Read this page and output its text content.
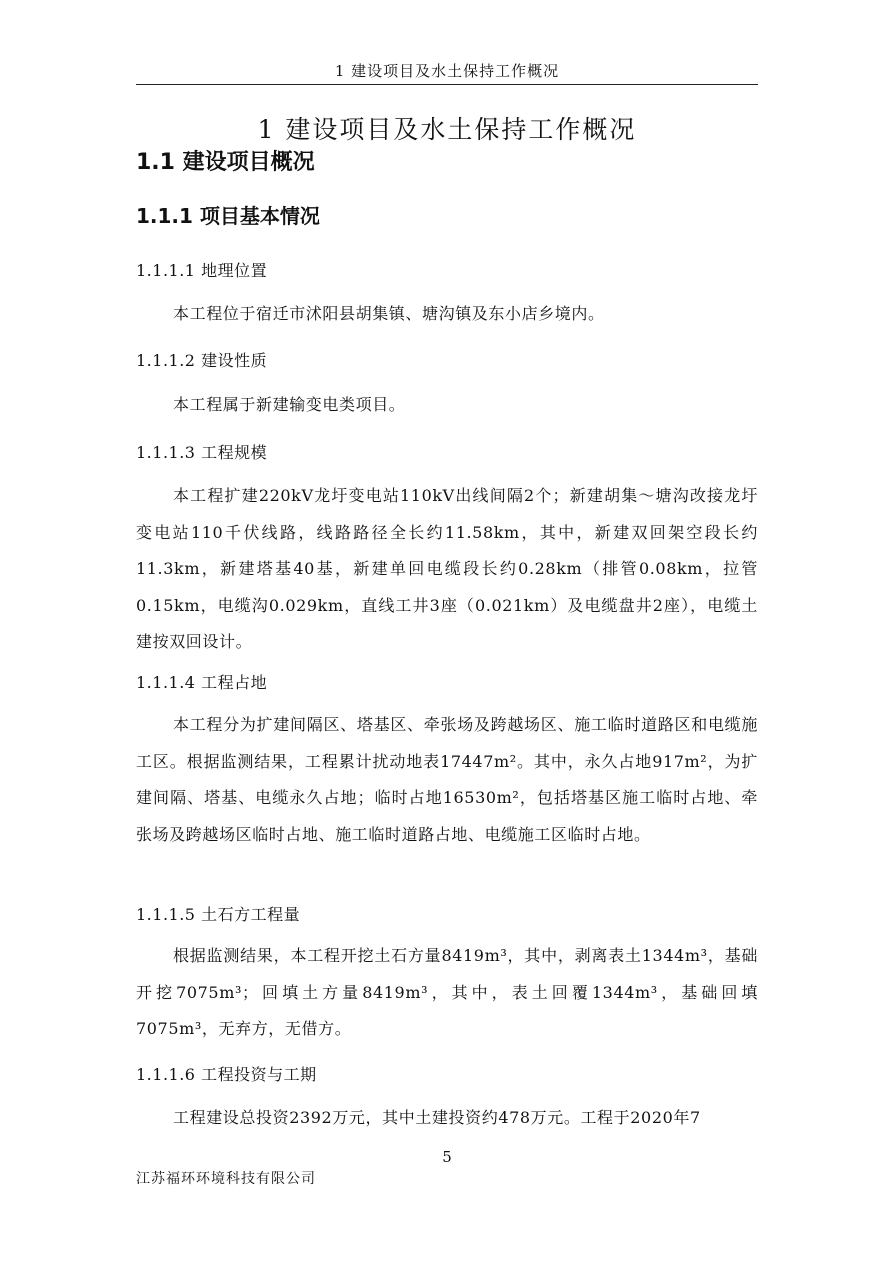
1 建设项目及水土保持工作概况
1 建设项目及水土保持工作概况
1.1 建设项目概况
1.1.1 项目基本情况
1.1.1.1 地理位置
本工程位于宿迁市沭阳县胡集镇、塘沟镇及东小店乡境内。
1.1.1.2 建设性质
本工程属于新建输变电类项目。
1.1.1.3 工程规模
本工程扩建220kV龙圩变电站110kV出线间隔2个；新建胡集～塘沟改接龙圩变电站110千伏线路，线路路径全长约11.58km，其中，新建双回架空段长约11.3km，新建塔基40基，新建单回电缆段长约0.28km（排管0.08km，拉管0.15km，电缆沟0.029km，直线工井3座（0.021km）及电缆盘井2座），电缆土建按双回设计。
1.1.1.4 工程占地
本工程分为扩建间隔区、塔基区、牵张场及跨越场区、施工临时道路区和电缆施工区。根据监测结果，工程累计扰动地表17447m²。其中，永久占地917m²，为扩建间隔、塔基、电缆永久占地；临时占地16530m²，包括塔基区施工临时占地、牵张场及跨越场区临时占地、施工临时道路占地、电缆施工区临时占地。
1.1.1.5 土石方工程量
根据监测结果，本工程开挖土石方量8419m³，其中，剥离表土1344m³，基础开挖7075m³；回填土方量8419m³，其中，表土回覆1344m³，基础回填7075m³，无弃方，无借方。
1.1.1.6 工程投资与工期
工程建设总投资2392万元，其中土建投资约478万元。工程于2020年7
5
江苏福环环境科技有限公司
